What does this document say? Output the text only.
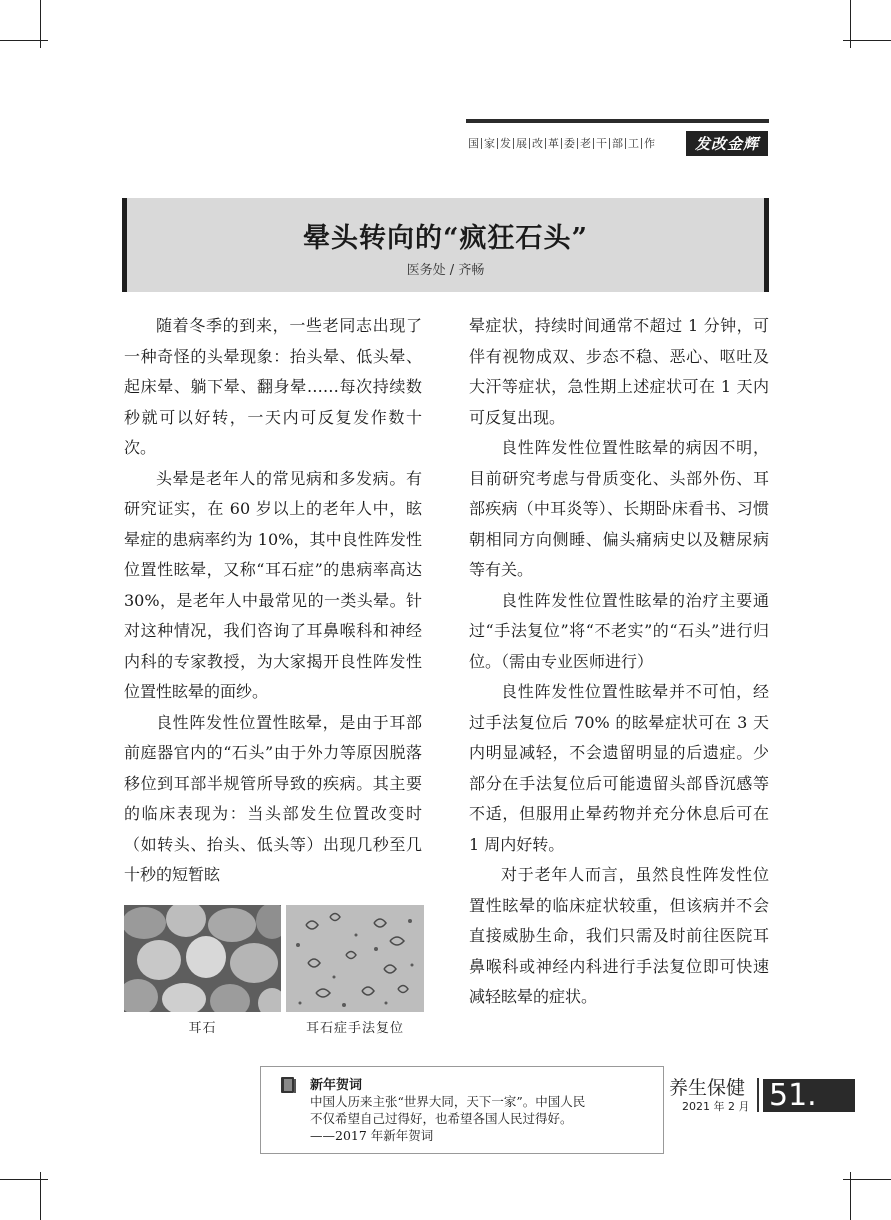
国 家 发 展 改 革 委 老 干 部 工 作	发改金辉
晕头转向的“疯狂石头”
医务处 / 齐畅

随着冬季的到来，一些老同志出现了一种奇怪的头晕现象：抬头晕、低头晕、起床晕、躺下晕、翻身晕……每次持续数秒就可以好转，一天内可反复发作数十次。

头晕是老年人的常见病和多发病。有研究证实，在 60 岁以上的老年人中，眩晕症的患病率约为 10%，其中良性阵发性位置性眩晕，又称“耳石症”的患病率高达 30%，是老年人中最常见的一类头晕。针对这种情况，我们咨询了耳鼻喉科和神经内科的专家教授，为大家揭开良性阵发性位置性眩晕的面纱。

良性阵发性位置性眩晕，是由于耳部前庭器官内的“石头”由于外力等原因脱落移位到耳部半规管所导致的疾病。其主要的临床表现为：当头部发生位置改变时（如转头、抬头、低头等）出现几秒至几十秒的短暂眩

晕症状，持续时间通常不超过 1 分钟，可伴有视物成双、步态不稳、恶心、呕吐及大汗等症状，急性期上述症状可在 1 天内可反复出现。

良性阵发性位置性眩晕的病因不明，目前研究考虑与骨质变化、头部外伤、耳部疾病（中耳炎等）、长期卧床看书、习惯朝相同方向侧睡、偏头痛病史以及糖尿病等有关。

良性阵发性位置性眩晕的治疗主要通过“手法复位”将“不老实”的“石头”进行归位。（需由专业医师进行）

良性阵发性位置性眩晕并不可怕，经过手法复位后 70% 的眩晕症状可在 3 天内明显减轻，不会遗留明显的后遗症。少部分在手法复位后可能遗留头部昏沉感等不适，但服用止晕药物并充分休息后可在 1 周内好转。

对于老年人而言，虽然良性阵发性位置性眩晕的临床症状较重，但该病并不会直接威胁生命，我们只需及时前往医院耳鼻喉科或神经内科进行手法复位即可快速减轻眩晕的症状。

耳石	耳石症手法复位
新年贺词
中国人历来主张“世界大同，天下一家”。中国人民
不仅希望自己过得好，也希望各国人民过得好。
——2017 年新年贺词
养生保健
2021 年 2 月 51.
